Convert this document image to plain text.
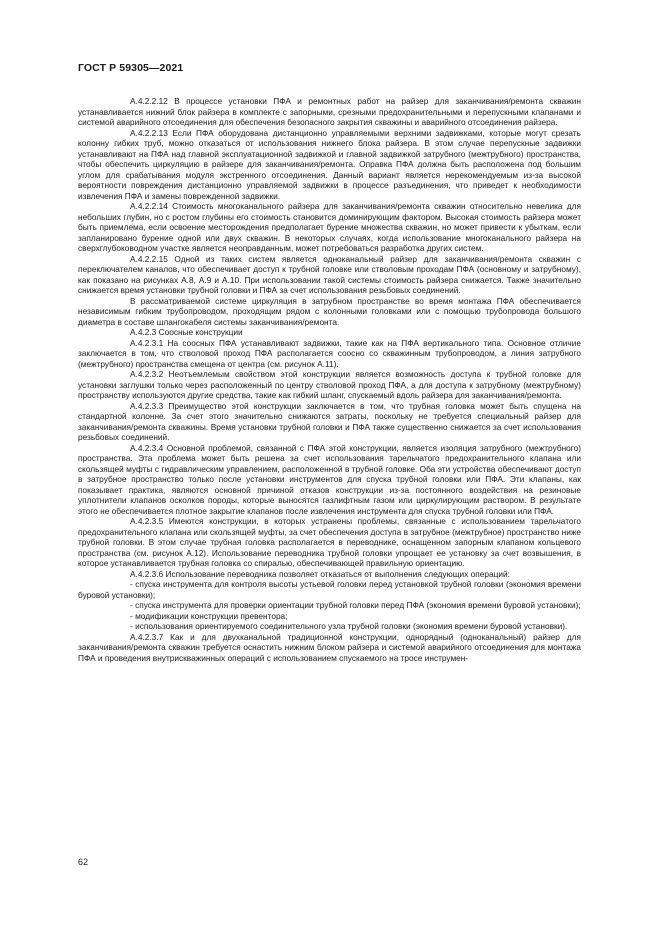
ГОСТ Р 59305—2021

А.4.2.2.12 В процессе установки ПФА и ремонтных работ на райзер для заканчивания/ремонта скважин устанавливается нижний блок райзера в комплекте с запорными, срезными предохранительными и перепускными клапанами и системой аварийного отсоединения для обеспечения безопасного закрытия скважины и аварийного отсоединения райзера.

А.4.2.2.13 Если ПФА оборудована дистанционно управляемыми верхними задвижками, которые могут срезать колонну гибких труб, можно отказаться от использования нижнего блока райзера. В этом случае перепускные задвижки устанавливают на ПФА над главной эксплуатационной задвижкой и главной задвижкой затрубного (межтрубного) пространства, чтобы обеспечить циркуляцию в райзере для заканчивания/ремонта. Оправка ПФА должна быть расположена под большим углом для срабатывания модуля экстренного отсоединения. Данный вариант является нерекомендуемым из-за высокой вероятности повреждения дистанционно управляемой задвижки в процессе разъединения, что приведет к необходимости извлечения ПФА и замены поврежденной задвижки.

А.4.2.2.14 Стоимость многоканального райзера для заканчивания/ремонта скважин относительно невелика для небольших глубин, но с ростом глубины его стоимость становится доминирующим фактором. Высокая стоимость райзера может быть приемлема, если освоение месторождения предполагает бурение множества скважин, но может привести к убыткам, если запланировано бурение одной или двух скважин. В некоторых случаях, когда использование многоканального райзера на сверхглубоководном участке является неоправданным, может потребоваться разработка других систем.

А.4.2.2.15 Одной из таких систем является одноканальный райзер для заканчивания/ремонта скважин с переключателем каналов, что обеспечивает доступ к трубной головке или стволовым проходам ПФА (основному и затрубному), как показано на рисунках А.8, А.9 и А.10. При использовании такой системы стоимость райзера снижается. Также значительно снижается время установки трубной головки и ПФА за счет использования резьбовых соединений.

В рассматриваемой системе циркуляция в затрубном пространстве во время монтажа ПФА обеспечивается независимым гибким трубопроводом, проходящим рядом с колонными головками или с помощью трубопровода большого диаметра в составе шлангокабеля системы заканчивания/ремонта.

А.4.2.3 Соосные конструкции

А.4.2.3.1 На соосных ПФА устанавливают задвижки, такие как на ПФА вертикального типа. Основное отличие заключается в том, что стволовой проход ПФА располагается соосно со скважинным трубопроводом, а линия затрубного (межтрубного) пространства смещена от центра (см. рисунок А.11).

А.4.2.3.2 Неотъемлемым свойством этой конструкции является возможность доступа к трубной головке для установки заглушки только через расположенный по центру стволовой проход ПФА, а для доступа к затрубному (межтрубному) пространству используются другие средства, такие как гибкий шланг, спускаемый вдоль райзера для заканчивания/ремонта.

А.4.2.3.3 Преимущество этой конструкции заключается в том, что трубная головка может быть спущена на стандартной колонне. За счет этого значительно снижаются затраты, поскольку не требуется специальный райзер для заканчивания/ремонта скважины. Время установки трубной головки и ПФА также существенно снижается за счет использования резьбовых соединений.

А.4.2.3.4 Основной проблемой, связанной с ПФА этой конструкции, является изоляция затрубного (межтрубного) пространства. Эта проблема может быть решена за счет использования тарельчатого предохранительного клапана или скользящей муфты с гидравлическим управлением, расположенной в трубной головке. Оба эти устройства обеспечивают доступ в затрубное пространство только после установки инструментов для спуска трубной головки или ПФА. Эти клапаны, как показывает практика, являются основной причиной отказов конструкции из-за постоянного воздействия на резиновые уплотнители клапанов осколков породы, которые выносятся газлифтным газом или циркулирующим раствором. В результате этого не обеспечивается плотное закрытие клапанов после извлечения инструмента для спуска трубной головки или ПФА.

А.4.2.3.5 Имеются конструкции, в которых устранены проблемы, связанные с использованием тарельчатого предохранительного клапана или скользящей муфты, за счет обеспечения доступа в затрубное (межтрубное) пространство ниже трубной головки. В этом случае трубная головка располагается в переводнике, оснащенном запорным клапаном кольцевого пространства (см. рисунок А.12). Использование переводника трубной головки упрощает ее установку за счет возвышения, в которое устанавливается трубная головка со спиралью, обеспечивающей правильную ориентацию.

А.4.2.3.6 Использование переводника позволяет отказаться от выполнения следующих операций:

- спуска инструмента для контроля высоты устьевой головки перед установкой трубной головки (экономия времени буровой установки);

- спуска инструмента для проверки ориентации трубной головки перед ПФА (экономия времени буровой установки);

- модификации конструкции превентора;

- использования ориентируемого соединительного узла трубной головки (экономия времени буровой установки).

А.4.2.3.7 Как и для двухканальной традиционной конструкции, однорядный (одноканальный) райзер для заканчивания/ремонта скважин требуется оснастить нижним блоком райзера и системой аварийного отсоединения для монтажа ПФА и проведения внутрискважинных операций с использованием спускаемого на тросе инструмен-

62
